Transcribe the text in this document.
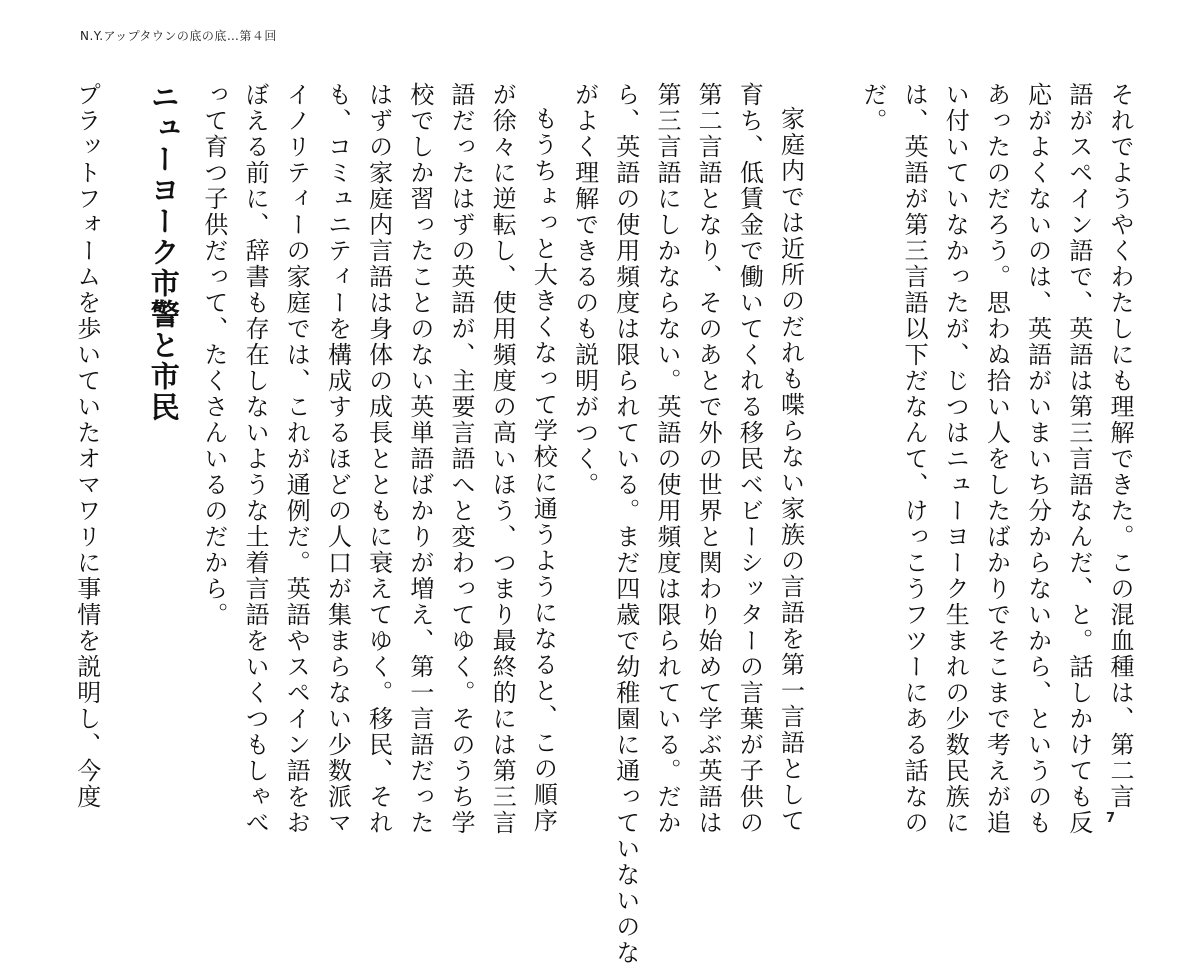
N.Y.アップタウンの底の底…第４回
それでようやくわたしにも理解できた。この混血種は、第二言
語がスペイン語で、英語は第三言語なんだ、と。話しかけても反
応がよくないのは、英語がいまいち分からないから、というのも
あったのだろう。思わぬ拾い人をしたばかりでそこまで考えが追
い付いていなかったが、じつはニューヨーク生まれの少数民族に
は、英語が第三言語以下だなんて、けっこうフツーにある話なの
だ。
家庭内では近所のだれも喋らない家族の言語を第一言語として
育ち、低賃金で働いてくれる移民ベビーシッターの言葉が子供の
第二言語となり、そのあとで外の世界と関わり始めて学ぶ英語は
第三言語にしかならない。英語の使用頻度は限られている。だか
ら、英語の使用頻度は限られている。まだ四歳で幼稚園に通っていないのな
がよく理解できるのも説明がつく。
もうちょっと大きくなって学校に通うようになると、この順序
が徐々に逆転し、使用頻度の高いほう、つまり最終的には第三言
語だったはずの英語が、主要言語へと変わってゆく。そのうち学
校でしか習ったことのない英単語ばかりが増え、第一言語だった
はずの家庭内言語は身体の成長とともに衰えてゆく。移民、それ
も、コミュニティーを構成するほどの人口が集まらない少数派マ
イノリティーの家庭では、これが通例だ。英語やスペイン語をお
ぼえる前に、辞書も存在しないような土着言語をいくつもしゃべ
って育つ子供だって、たくさんいるのだから。
ニューヨーク市警と市民
プラットフォームを歩いていたオマワリに事情を説明し、今度
7
